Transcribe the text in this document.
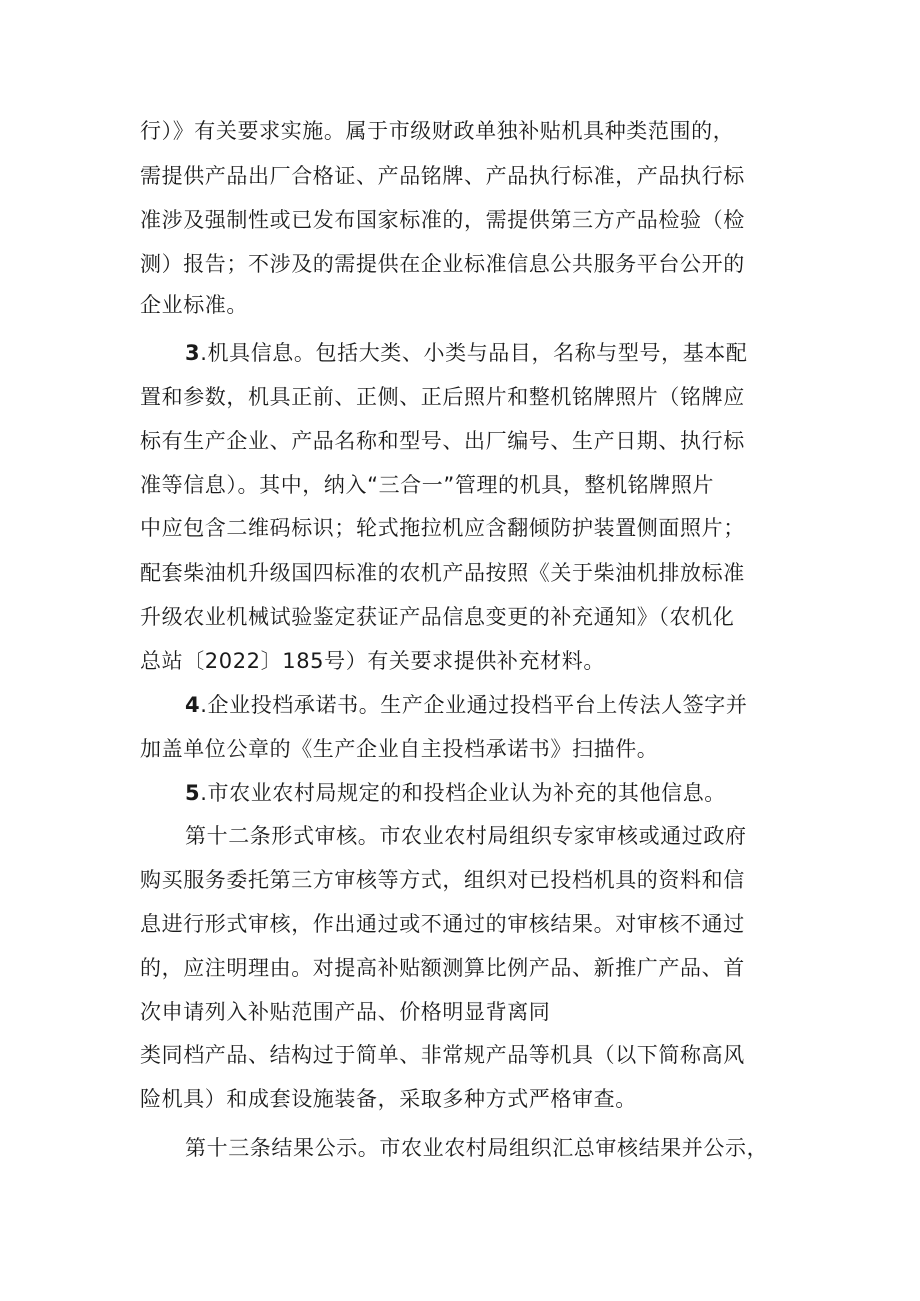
行）》有关要求实施。属于市级财政单独补贴机具种类范围的，
需提供产品出厂合格证、产品铭牌、产品执行标准，产品执行标
准涉及强制性或已发布国家标准的，需提供第三方产品检验（检
测）报告；不涉及的需提供在企业标准信息公共服务平台公开的
企业标准。
3.机具信息。包括大类、小类与品目，名称与型号，基本配
置和参数，机具正前、正侧、正后照片和整机铭牌照片（铭牌应
标有生产企业、产品名称和型号、出厂编号、生产日期、执行标
准等信息）。其中，纳入“三合一”管理的机具，整机铭牌照片
中应包含二维码标识；轮式拖拉机应含翻倾防护装置侧面照片；
配套柴油机升级国四标准的农机产品按照《关于柴油机排放标准
升级农业机械试验鉴定获证产品信息变更的补充通知》（农机化
总站〔2022〕185号）有关要求提供补充材料。
4.企业投档承诺书。生产企业通过投档平台上传法人签字并
加盖单位公章的《生产企业自主投档承诺书》扫描件。
5.市农业农村局规定的和投档企业认为补充的其他信息。
第十二条形式审核。市农业农村局组织专家审核或通过政府
购买服务委托第三方审核等方式，组织对已投档机具的资料和信
息进行形式审核，作出通过或不通过的审核结果。对审核不通过
的，应注明理由。对提高补贴额测算比例产品、新推广产品、首
次申请列入补贴范围产品、价格明显背离同
类同档产品、结构过于简单、非常规产品等机具（以下简称高风
险机具）和成套设施装备，采取多种方式严格审查。
第十三条结果公示。市农业农村局组织汇总审核结果并公示，
